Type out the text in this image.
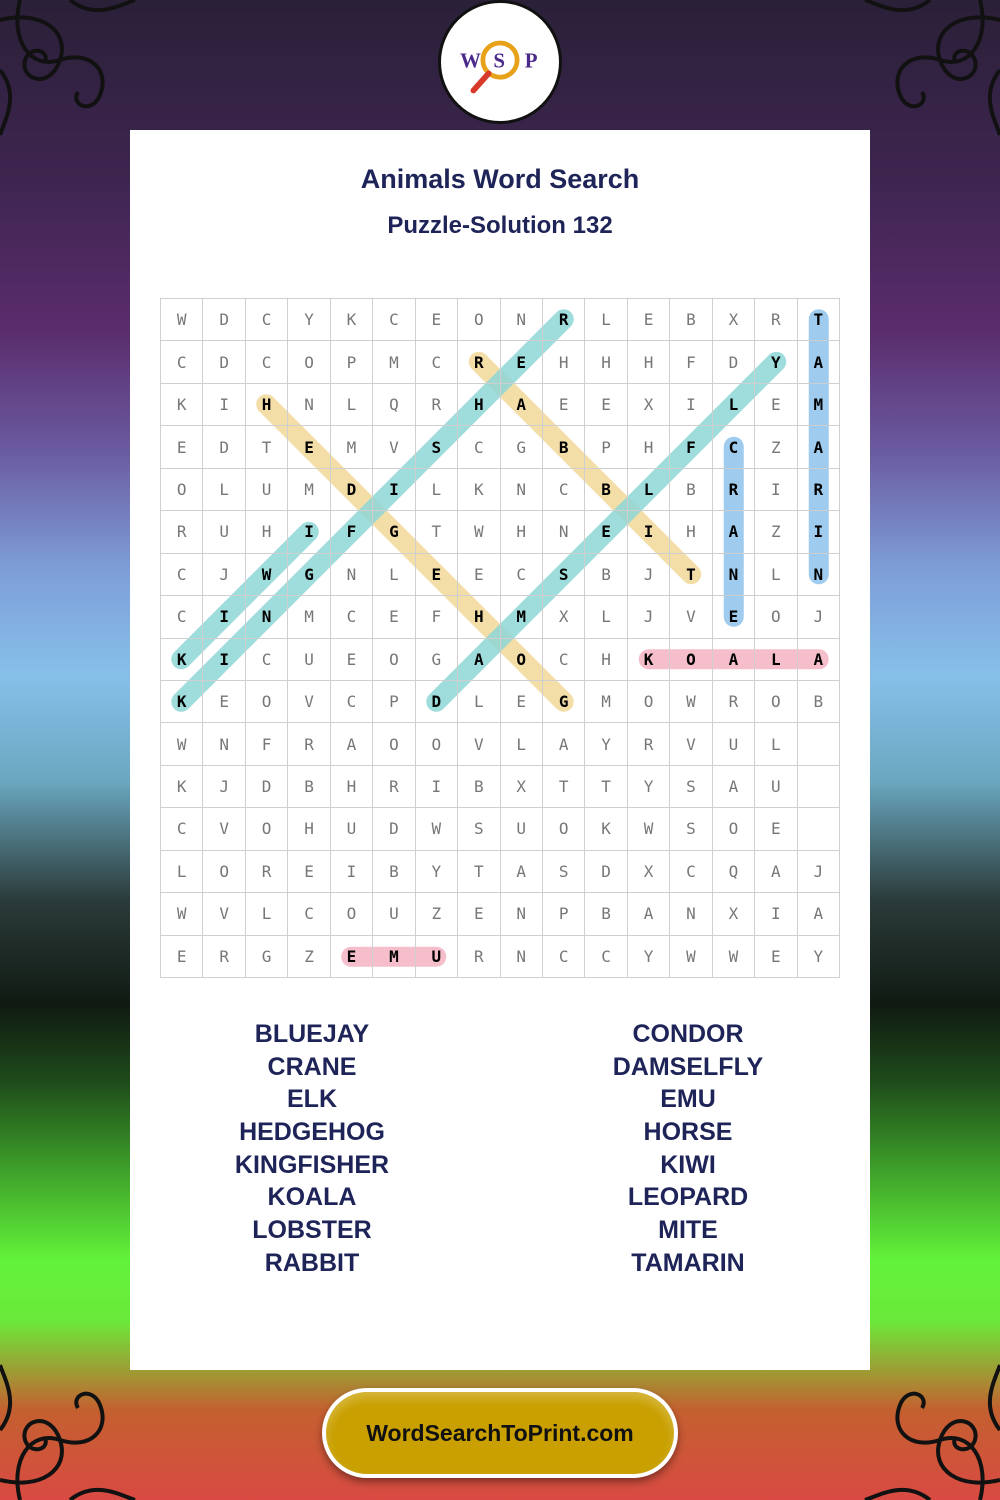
W S P
Animals Word Search
Puzzle-Solution 132
W	D	C	Y	K	C	E	O	N	R	L	E	B	X	R	T
C	D	C	O	P	M	C	R	E	H	H	H	F	D	Y	A
K	I	H	N	L	Q	R	H	A	E	E	X	I	L	E	M
E	D	T	E	M	V	S	C	G	B	P	H	F	C	Z	A
O	L	U	M	D	I	L	K	N	C	B	L	B	R	I	R
R	U	H	I	F	G	T	W	H	N	E	I	H	A	Z	I
C	J	W	G	N	L	E	E	C	S	B	J	T	N	L	N
C	I	N	M	C	E	F	H	M	X	L	J	V	E	O	J
K	I	C	U	E	O	G	A	O	C	H	K	O	A	L	A
K	E	O	V	C	P	D	L	E	G	M	O	W	R	O	B
W	N	F	R	A	O	O	V	L	A	Y	R	V	U	L
K	J	D	B	H	R	I	B	X	T	T	Y	S	A	U
C	V	O	H	U	D	W	S	U	O	K	W	S	O	E
L	O	R	E	I	B	Y	T	A	S	D	X	C	Q	A	J
W	V	L	C	O	U	Z	E	N	P	B	A	N	X	I	A
E	R	G	Z	E	M	U	R	N	C	C	Y	W	W	E	Y
BLUEJAY
CRANE
ELK
HEDGEHOG
KINGFISHER
KOALA
LOBSTER
RABBIT
CONDOR
DAMSELFLY
EMU
HORSE
KIWI
LEOPARD
MITE
TAMARIN
WordSearchToPrint.com
